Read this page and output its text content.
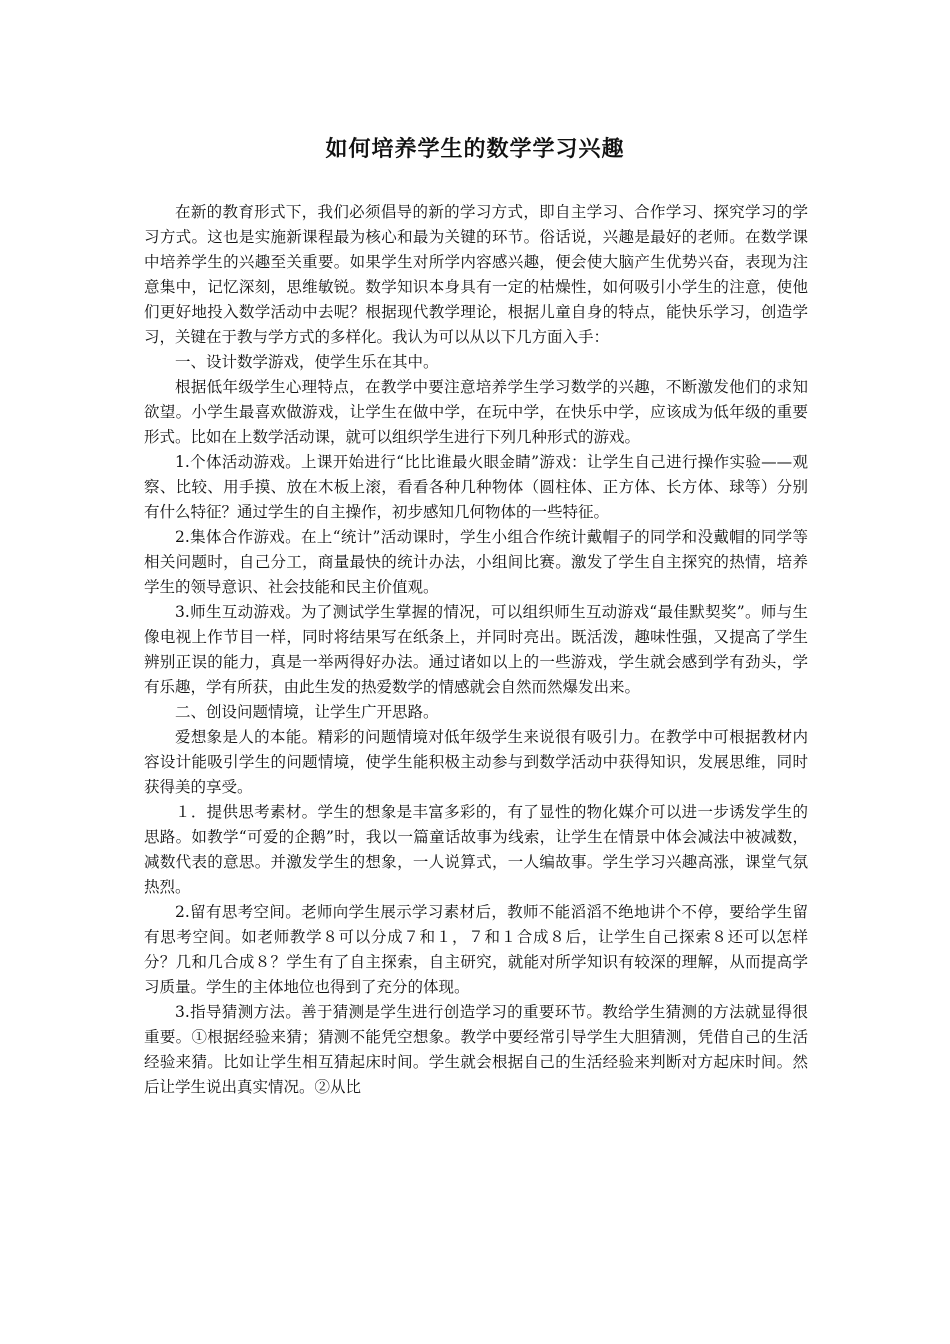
如何培养学生的数学学习兴趣

在新的教育形式下，我们必须倡导的新的学习方式，即自主学习、合作学习、探究学习的学习方式。这也是实施新课程最为核心和最为关键的环节。俗话说，兴趣是最好的老师。在数学课中培养学生的兴趣至关重要。如果学生对所学内容感兴趣，便会使大脑产生优势兴奋，表现为注意集中，记忆深刻，思维敏锐。数学知识本身具有一定的枯燥性，如何吸引小学生的注意，使他们更好地投入数学活动中去呢？根据现代教学理论，根据儿童自身的特点，能快乐学习，创造学习，关键在于教与学方式的多样化。我认为可以从以下几方面入手：

一、设计数学游戏，使学生乐在其中。

根据低年级学生心理特点，在教学中要注意培养学生学习数学的兴趣，不断激发他们的求知欲望。小学生最喜欢做游戏，让学生在做中学，在玩中学，在快乐中学，应该成为低年级的重要形式。比如在上数学活动课，就可以组织学生进行下列几种形式的游戏。

1.个体活动游戏。上课开始进行“比比谁最火眼金睛”游戏：让学生自己进行操作实验——观察、比较、用手摸、放在木板上滚，看看各种几种物体（圆柱体、正方体、长方体、球等）分别有什么特征？通过学生的自主操作，初步感知几何物体的一些特征。

2.集体合作游戏。在上“统计”活动课时，学生小组合作统计戴帽子的同学和没戴帽的同学等相关问题时，自己分工，商量最快的统计办法，小组间比赛。激发了学生自主探究的热情，培养学生的领导意识、社会技能和民主价值观。

3.师生互动游戏。为了测试学生掌握的情况，可以组织师生互动游戏“最佳默契奖”。师与生像电视上作节目一样，同时将结果写在纸条上，并同时亮出。既活泼，趣味性强，又提高了学生辨别正误的能力，真是一举两得好办法。通过诸如以上的一些游戏，学生就会感到学有劲头，学有乐趣，学有所获，由此生发的热爱数学的情感就会自然而然爆发出来。

二、创设问题情境，让学生广开思路。

爱想象是人的本能。精彩的问题情境对低年级学生来说很有吸引力。在教学中可根据教材内容设计能吸引学生的问题情境，使学生能积极主动参与到数学活动中获得知识，发展思维，同时获得美的享受。

１．提供思考素材。学生的想象是丰富多彩的，有了显性的物化媒介可以进一步诱发学生的思路。如教学“可爱的企鹅”时，我以一篇童话故事为线索，让学生在情景中体会减法中被减数，减数代表的意思。并激发学生的想象，一人说算式，一人编故事。学生学习兴趣高涨，课堂气氛热烈。

2.留有思考空间。老师向学生展示学习素材后，教师不能滔滔不绝地讲个不停，要给学生留有思考空间。如老师教学８可以分成７和１，７和１合成８后，让学生自己探索８还可以怎样分？几和几合成８？学生有了自主探索，自主研究，就能对所学知识有较深的理解，从而提高学习质量。学生的主体地位也得到了充分的体现。

3.指导猜测方法。善于猜测是学生进行创造学习的重要环节。教给学生猜测的方法就显得很重要。①根据经验来猜；猜测不能凭空想象。教学中要经常引导学生大胆猜测，凭借自己的生活经验来猜。比如让学生相互猜起床时间。学生就会根据自己的生活经验来判断对方起床时间。然后让学生说出真实情况。②从比
